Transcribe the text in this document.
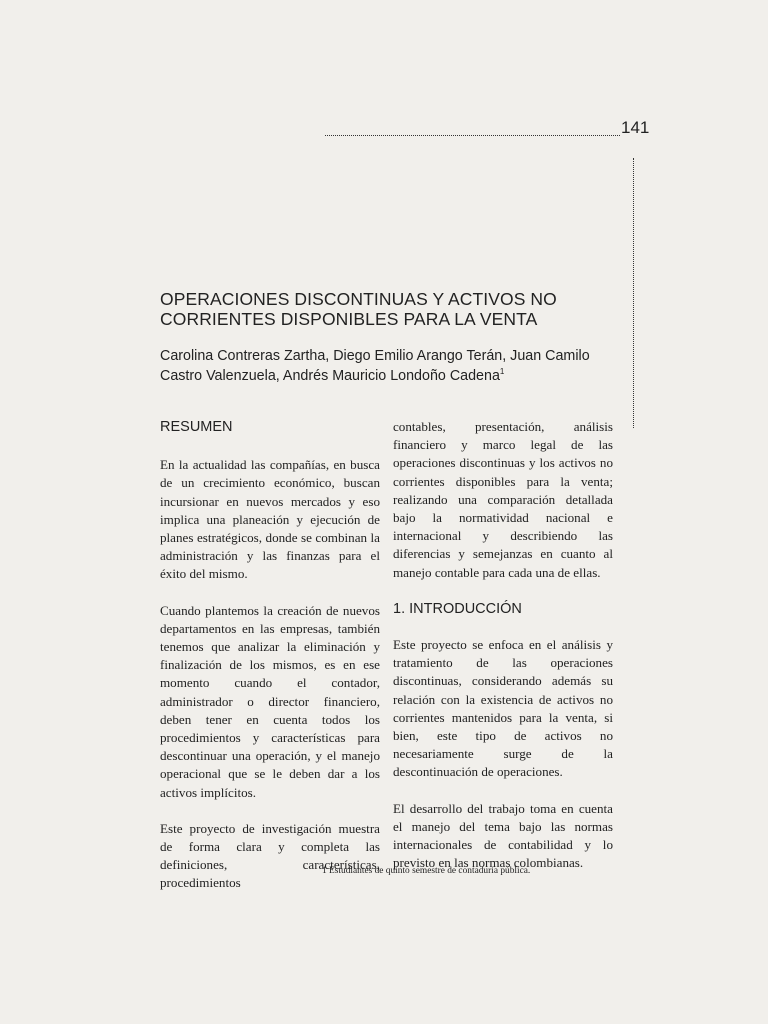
141
OPERACIONES DISCONTINUAS Y ACTIVOS NO CORRIENTES DISPONIBLES PARA LA VENTA

Carolina Contreras Zartha, Diego Emilio Arango Terán, Juan Camilo Castro Valenzuela, Andrés Mauricio Londoño Cadena$^1$

RESUMEN

En la actualidad las compañías, en busca de un crecimiento económico, buscan incursionar en nuevos mercados y eso implica una planeación y ejecución de planes estratégicos, donde se combinan la administración y las finanzas para el éxito del mismo.

Cuando plantemos la creación de nuevos departamentos en las empresas, también tenemos que analizar la eliminación y finalización de los mismos, es en ese momento cuando el contador, administrador o director financiero, deben tener en cuenta todos los procedimientos y características para descontinuar una operación, y el manejo operacional que se le deben dar a los activos implícitos.

Este proyecto de investigación muestra de forma clara y completa las definiciones, características, procedimientos

contables, presentación, análisis financiero y marco legal de las operaciones discontinuas y los activos no corrientes disponibles para la venta; realizando una comparación detallada bajo la normatividad nacional e internacional y describiendo las diferencias y semejanzas en cuanto al manejo contable para cada una de ellas.

1. INTRODUCCIÓN

Este proyecto se enfoca en el análisis y tratamiento de las operaciones discontinuas, considerando además su relación con la existencia de activos no corrientes mantenidos para la venta, si bien, este tipo de activos no necesariamente surge de la descontinuación de operaciones.

El desarrollo del trabajo toma en cuenta el manejo del tema bajo las normas internacionales de contabilidad y lo previsto en las normas colombianas.

1 Estudiantes de quinto semestre de contaduría pública.
